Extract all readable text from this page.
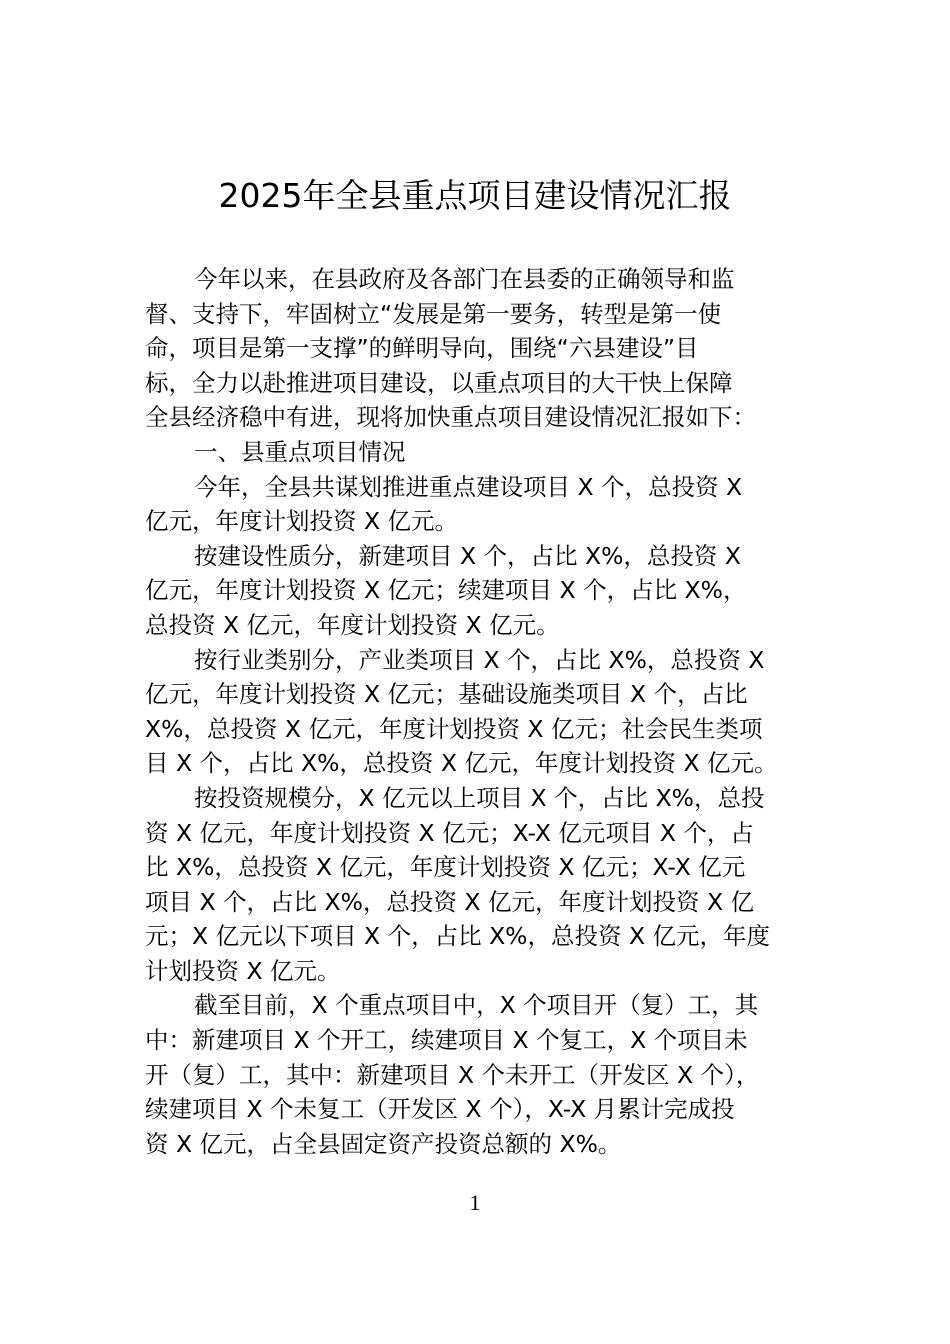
2025年全县重点项目建设情况汇报
今年以来，在县政府及各部门在县委的正确领导和监
督、支持下，牢固树立“发展是第一要务，转型是第一使
命，项目是第一支撑”的鲜明导向，围绕“六县建设”目
标，全力以赴推进项目建设，以重点项目的大干快上保障
全县经济稳中有进，现将加快重点项目建设情况汇报如下：
一、县重点项目情况
今年，全县共谋划推进重点建设项目 X 个，总投资 X
亿元，年度计划投资 X 亿元。
按建设性质分，新建项目 X 个，占比 X%，总投资 X
亿元，年度计划投资 X 亿元；续建项目 X 个，占比 X%，
总投资 X 亿元，年度计划投资 X 亿元。
按行业类别分，产业类项目 X 个，占比 X%，总投资 X
亿元，年度计划投资 X 亿元；基础设施类项目 X 个，占比
X%，总投资 X 亿元，年度计划投资 X 亿元；社会民生类项
目 X 个，占比 X%，总投资 X 亿元，年度计划投资 X 亿元。
按投资规模分，X 亿元以上项目 X 个，占比 X%，总投
资 X 亿元，年度计划投资 X 亿元；X-X 亿元项目 X 个，占
比 X%，总投资 X 亿元，年度计划投资 X 亿元；X-X 亿元
项目 X 个，占比 X%，总投资 X 亿元，年度计划投资 X 亿
元；X 亿元以下项目 X 个，占比 X%，总投资 X 亿元，年度
计划投资 X 亿元。
截至目前，X 个重点项目中，X 个项目开（复）工，其
中：新建项目 X 个开工，续建项目 X 个复工，X 个项目未
开（复）工，其中：新建项目 X 个未开工（开发区 X 个），
续建项目 X 个未复工（开发区 X 个），X-X 月累计完成投
资 X 亿元，占全县固定资产投资总额的 X%。
1
